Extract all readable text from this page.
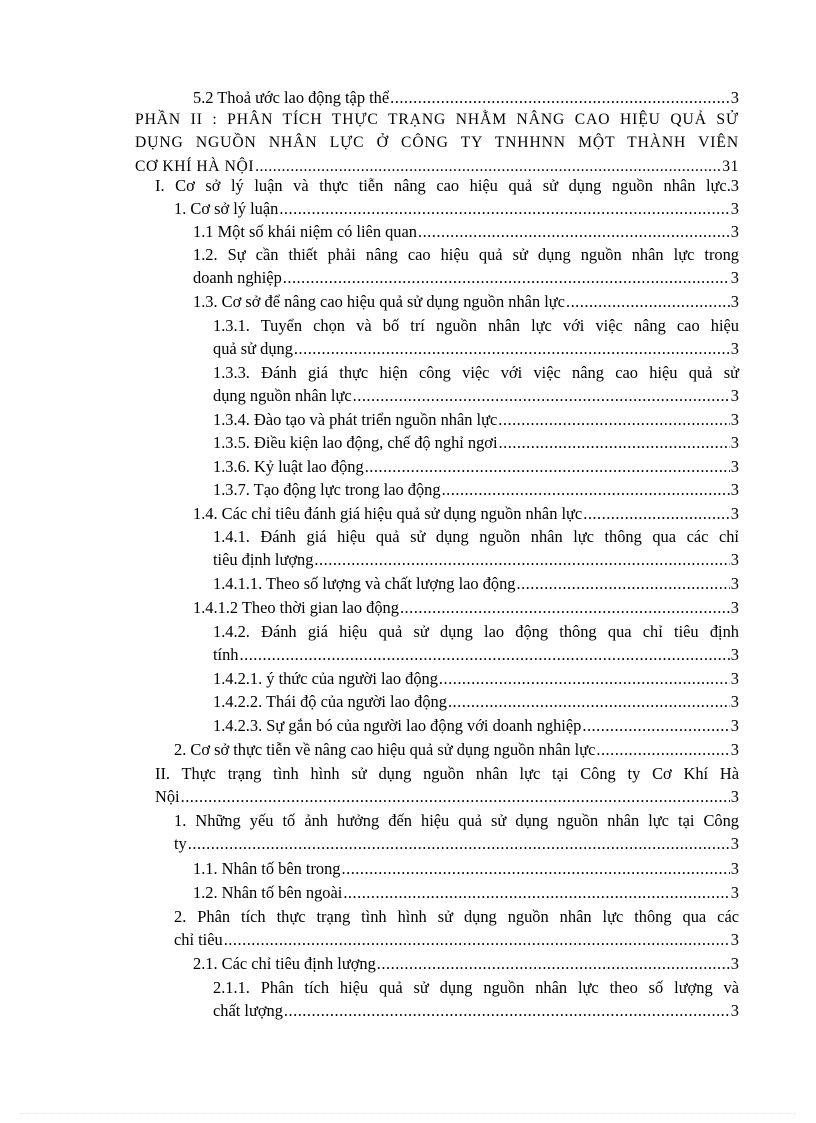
5.2 Thoả ước lao động tập thể .....	3
PHẦN II : PHÂN TÍCH THỰC TRẠNG NHẰM NÂNG CAO HIỆU QUẢ SỬ
DỤNG NGUỒN NHÂN LỰC Ở CÔNG TY TNHHNN MỘT THÀNH VIÊN
CƠ KHÍ HÀ NỘI .....	31
I. Cơ sở lý luận và thực tiễn nâng cao hiệu quả sử dụng nguồn nhân lực.3
1. Cơ sở lý luận .....	3
1.1 Một số khái niệm có liên quan .....	3
1.2. Sự cần thiết phải nâng cao hiệu quả sử dụng nguồn nhân lực trong
doanh nghiệp .....	3
1.3. Cơ sở để nâng cao hiệu quả sử dụng nguồn nhân lực .....	3
1.3.1. Tuyển chọn và bố trí nguồn nhân lực với việc nâng cao hiệu
quả sử dụng .....	3
1.3.3. Đánh giá thực hiện công việc với việc nâng cao hiệu quả sử
dụng nguồn nhân lực .....	3
1.3.4. Đào tạo và phát triển nguồn nhân lực .....	3
1.3.5. Điều kiện lao động, chế độ nghỉ ngơi .....	3
1.3.6. Kỷ luật lao động .....	3
1.3.7. Tạo động lực trong lao động .....	3
1.4. Các chỉ tiêu đánh giá hiệu quả sử dụng nguồn nhân lực .....	3
1.4.1. Đánh giá hiệu quả sử dụng nguồn nhân lực thông qua các chỉ
tiêu định lượng .....	3
1.4.1.1. Theo số lượng và chất lượng lao động .....	3
1.4.1.2 Theo thời gian lao động .....	3
1.4.2. Đánh giá hiệu quả sử dụng lao động thông qua chỉ tiêu định
tính .....	3
1.4.2.1. ý thức của người lao động .....	3
1.4.2.2. Thái độ của người lao động .....	3
1.4.2.3. Sự gắn bó của người lao động với doanh nghiệp .....	3
2. Cơ sở thực tiễn về nâng cao hiệu quả sử dụng nguồn nhân lực .....	3
II. Thực trạng tình hình sử dụng nguồn nhân lực tại Công ty Cơ Khí Hà
Nội .....	3
1. Những yếu tố ảnh hưởng đến hiệu quả sử dụng nguồn nhân lực tại Công
ty .....	3
1.1. Nhân tố bên trong .....	3
1.2. Nhân tố bên ngoài .....	3
2. Phân tích thực trạng tình hình sử dụng nguồn nhân lực thông qua các
chỉ tiêu .....	3
2.1. Các chỉ tiêu định lượng .....	3
2.1.1. Phân tích hiệu quả sử dụng nguồn nhân lực theo số lượng và
chất lượng .....	3
